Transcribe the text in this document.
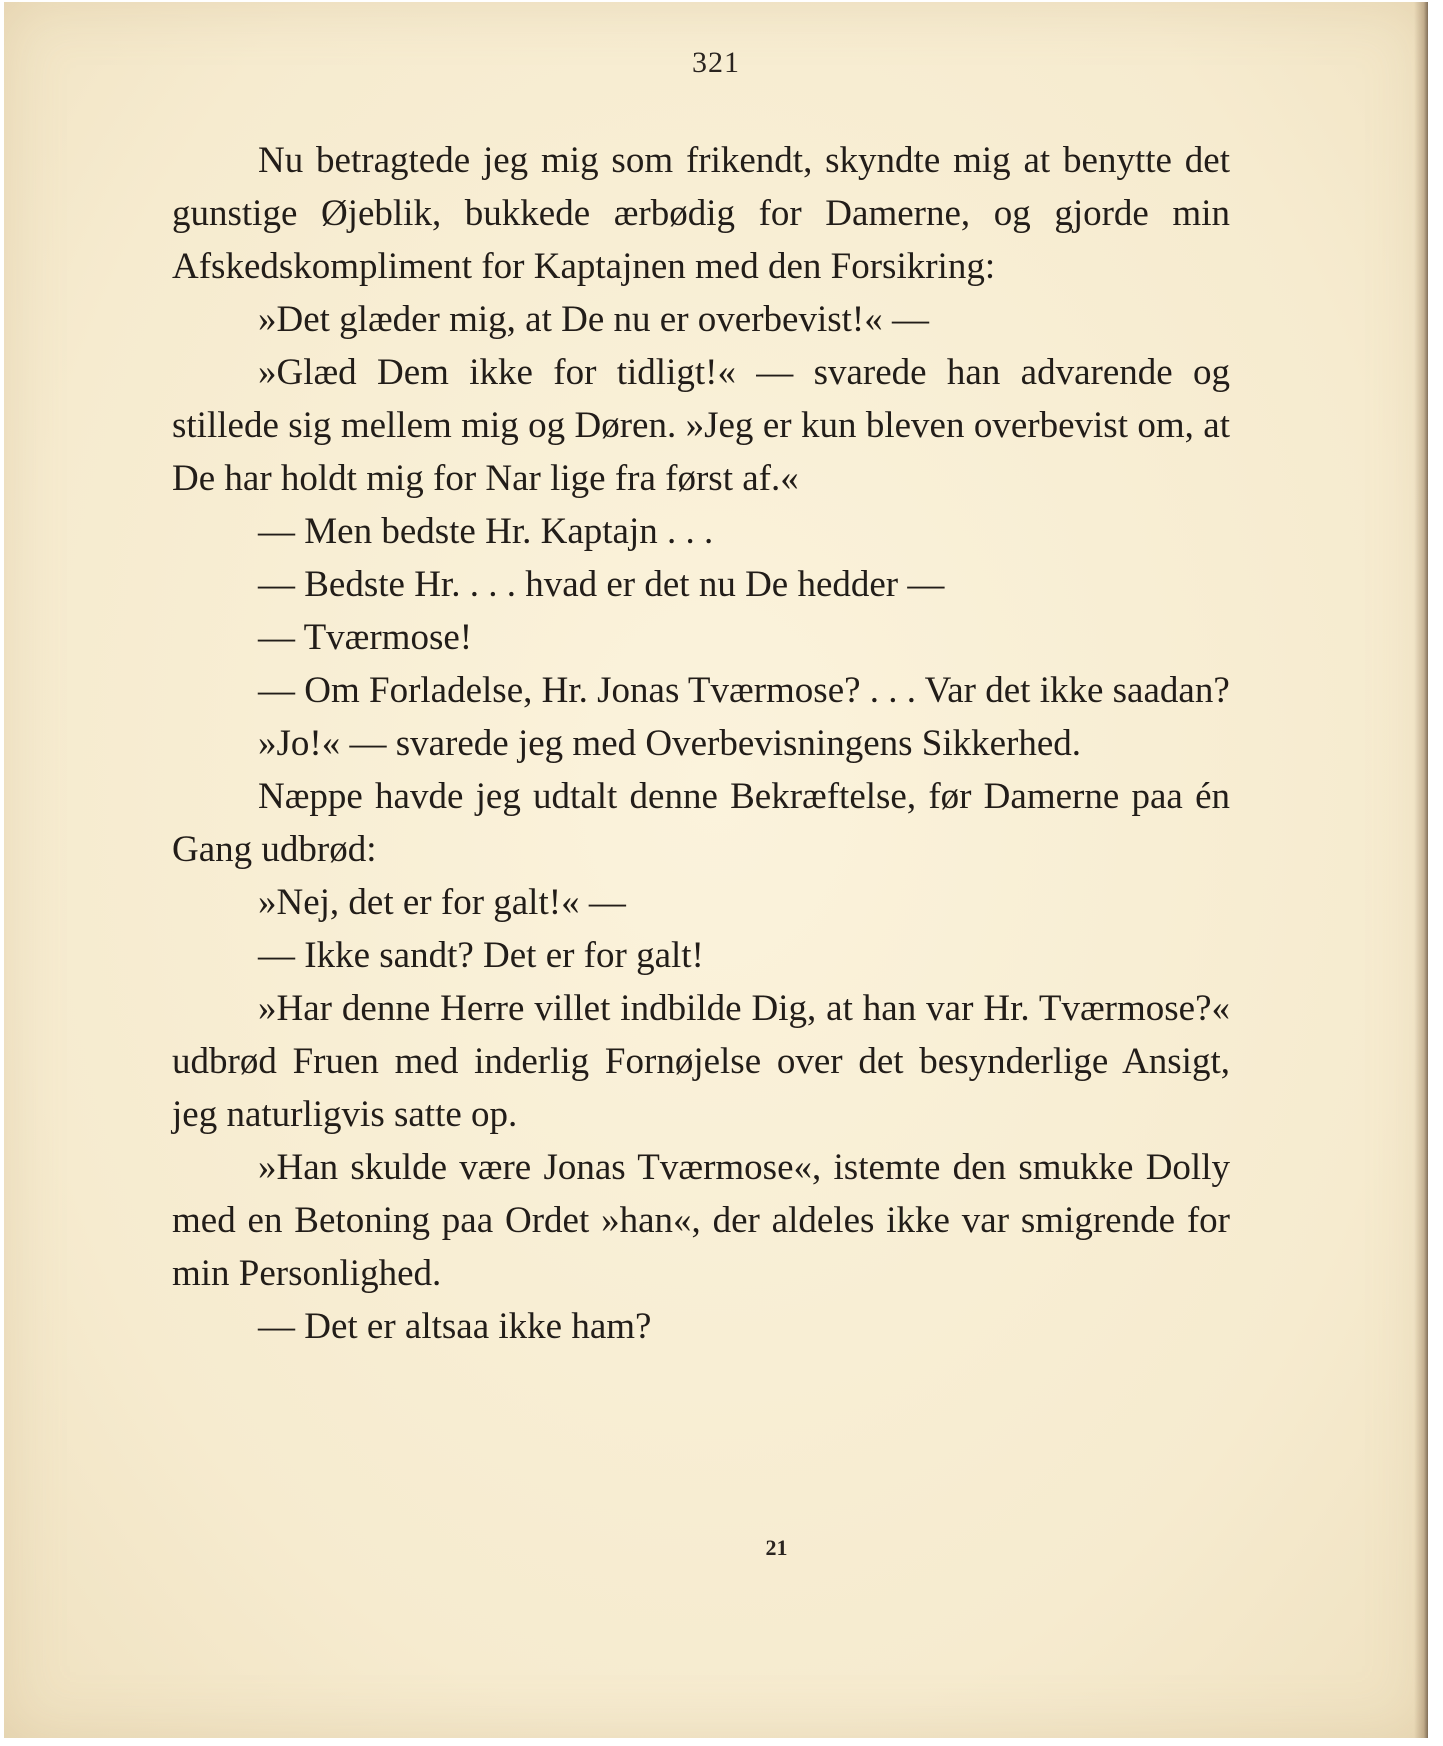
321

Nu betragtede jeg mig som frikendt, skyndte mig at benytte det gunstige Øjeblik, bukkede ærbødig for Damerne, og gjorde min Afskedskompliment for Kaptajnen med den Forsikring:

»Det glæder mig, at De nu er overbevist!« —

»Glæd Dem ikke for tidligt!« — svarede han advarende og stillede sig mellem mig og Døren. »Jeg er kun bleven overbevist om, at De har holdt mig for Nar lige fra først af.«

— Men bedste Hr. Kaptajn . . .

— Bedste Hr. . . . hvad er det nu De hedder —

— Tværmose!

— Om Forladelse, Hr. Jonas Tværmose? . . . Var det ikke saadan?

»Jo!« — svarede jeg med Overbevisningens Sikkerhed.

Næppe havde jeg udtalt denne Bekræftelse, før Damerne paa én Gang udbrød:

»Nej, det er for galt!« —

— Ikke sandt? Det er for galt!

»Har denne Herre villet indbilde Dig, at han var Hr. Tværmose?« udbrød Fruen med inderlig Fornøjelse over det besynderlige Ansigt, jeg naturligvis satte op.

»Han skulde være Jonas Tværmose«, istemte den smukke Dolly med en Betoning paa Ordet »han«, der aldeles ikke var smigrende for min Personlighed.

— Det er altsaa ikke ham?

21
